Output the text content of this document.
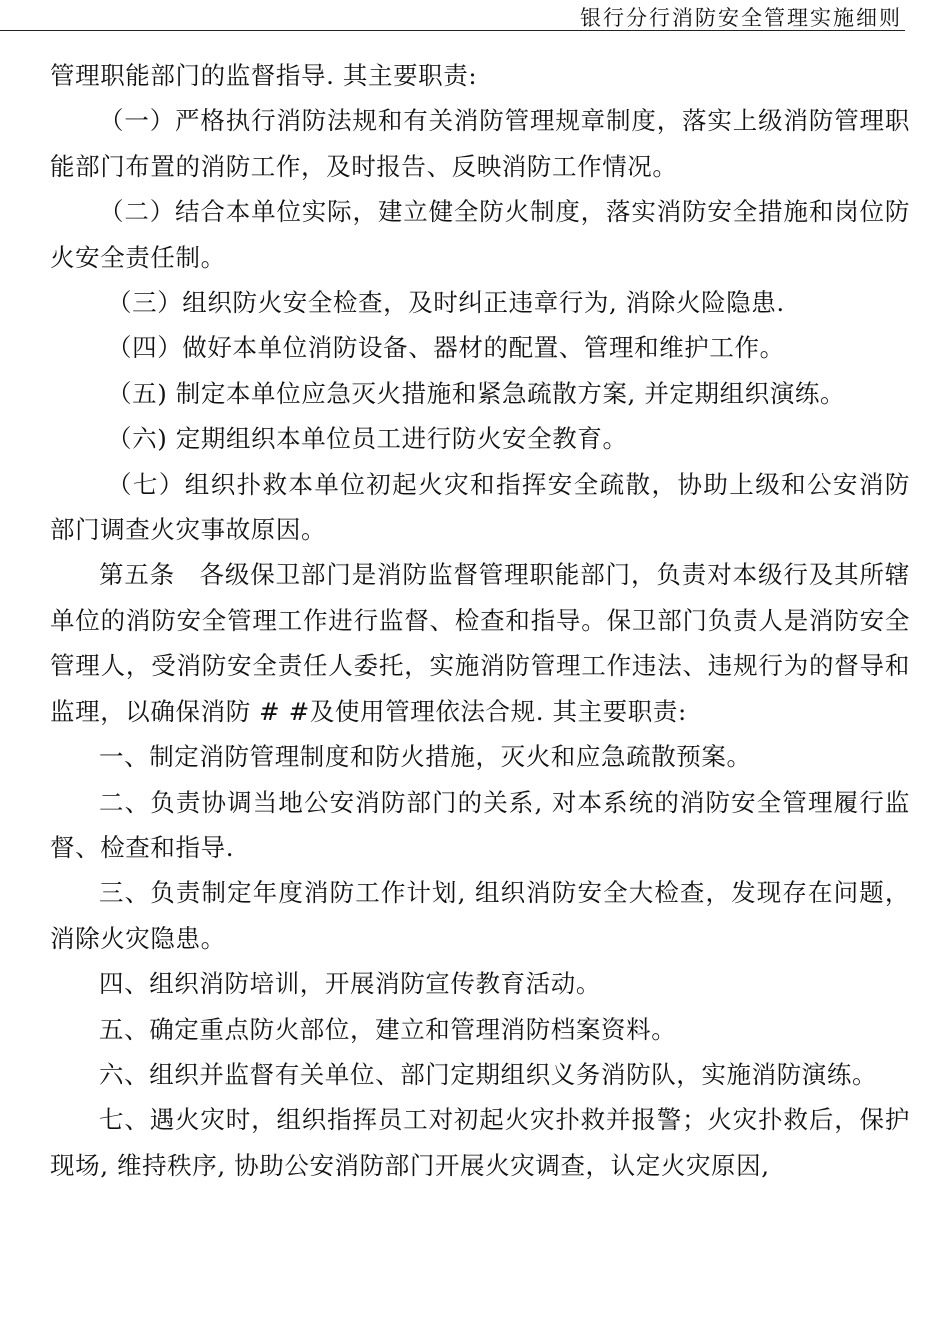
银行分行消防安全管理实施细则

管理职能部门的监督指导. 其主要职责:

（一）严格执行消防法规和有关消防管理规章制度，落实上级消防管理职能部门布置的消防工作，及时报告、反映消防工作情况。

（二）结合本单位实际，建立健全防火制度，落实消防安全措施和岗位防火安全责任制。

（三）组织防火安全检查，及时纠正违章行为, 消除火险隐患.

（四）做好本单位消防设备、器材的配置、管理和维护工作。

（五) 制定本单位应急灭火措施和紧急疏散方案, 并定期组织演练。

（六) 定期组织本单位员工进行防火安全教育。

（七）组织扑救本单位初起火灾和指挥安全疏散，协助上级和公安消防部门调查火灾事故原因。

第五条 各级保卫部门是消防监督管理职能部门，负责对本级行及其所辖单位的消防安全管理工作进行监督、检查和指导。保卫部门负责人是消防安全管理人，受消防安全责任人委托，实施消防管理工作违法、违规行为的督导和监理，以确保消防 # #及使用管理依法合规. 其主要职责:

一、制定消防管理制度和防火措施，灭火和应急疏散预案。

二、负责协调当地公安消防部门的关系, 对本系统的消防安全管理履行监督、检查和指导.

三、负责制定年度消防工作计划, 组织消防安全大检查，发现存在问题，消除火灾隐患。

四、组织消防培训，开展消防宣传教育活动。

五、确定重点防火部位，建立和管理消防档案资料。

六、组织并监督有关单位、部门定期组织义务消防队，实施消防演练。

七、遇火灾时，组织指挥员工对初起火灾扑救并报警；火灾扑救后，保护现场, 维持秩序, 协助公安消防部门开展火灾调查，认定火灾原因,
